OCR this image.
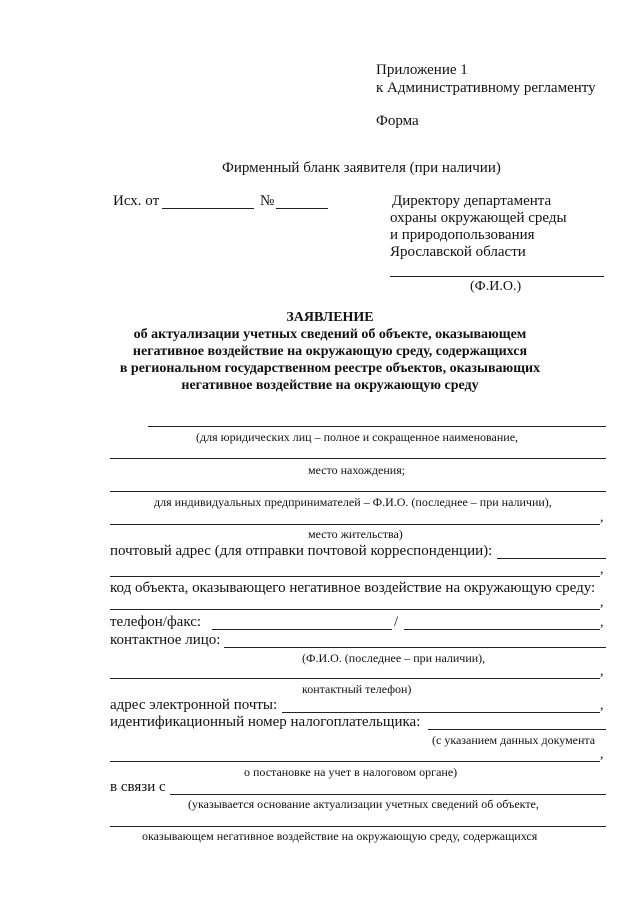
Приложение 1
к Административному регламенту
Форма
Фирменный бланк заявителя (при наличии)
Исх. от	№	Директору департамента
охраны окружающей среды
и природопользования
Ярославской области
(Ф.И.О.)
ЗАЯВЛЕНИЕ
об актуализации учетных сведений об объекте, оказывающем
негативное воздействие на окружающую среду, содержащихся
в региональном государственном реестре объектов, оказывающих
негативное воздействие на окружающую среду
(для юридических лиц – полное и сокращенное наименование,
место нахождения;
для индивидуальных предпринимателей – Ф.И.О. (последнее – при наличии),
,
место жительства)
почтовый адрес (для отправки почтовой корреспонденции):
,
код объекта, оказывающего негативное воздействие на окружающую среду:
,
телефон/факс:	/	,
контактное лицо:
(Ф.И.О. (последнее – при наличии),
,
контактный телефон)
адрес электронной почты:	,
идентификационный номер налогоплательщика:
(с указанием данных документа
,
о постановке на учет в налоговом органе)
в связи с
(указывается основание актуализации учетных сведений об объекте,
оказывающем негативное воздействие на окружающую среду, содержащихся
